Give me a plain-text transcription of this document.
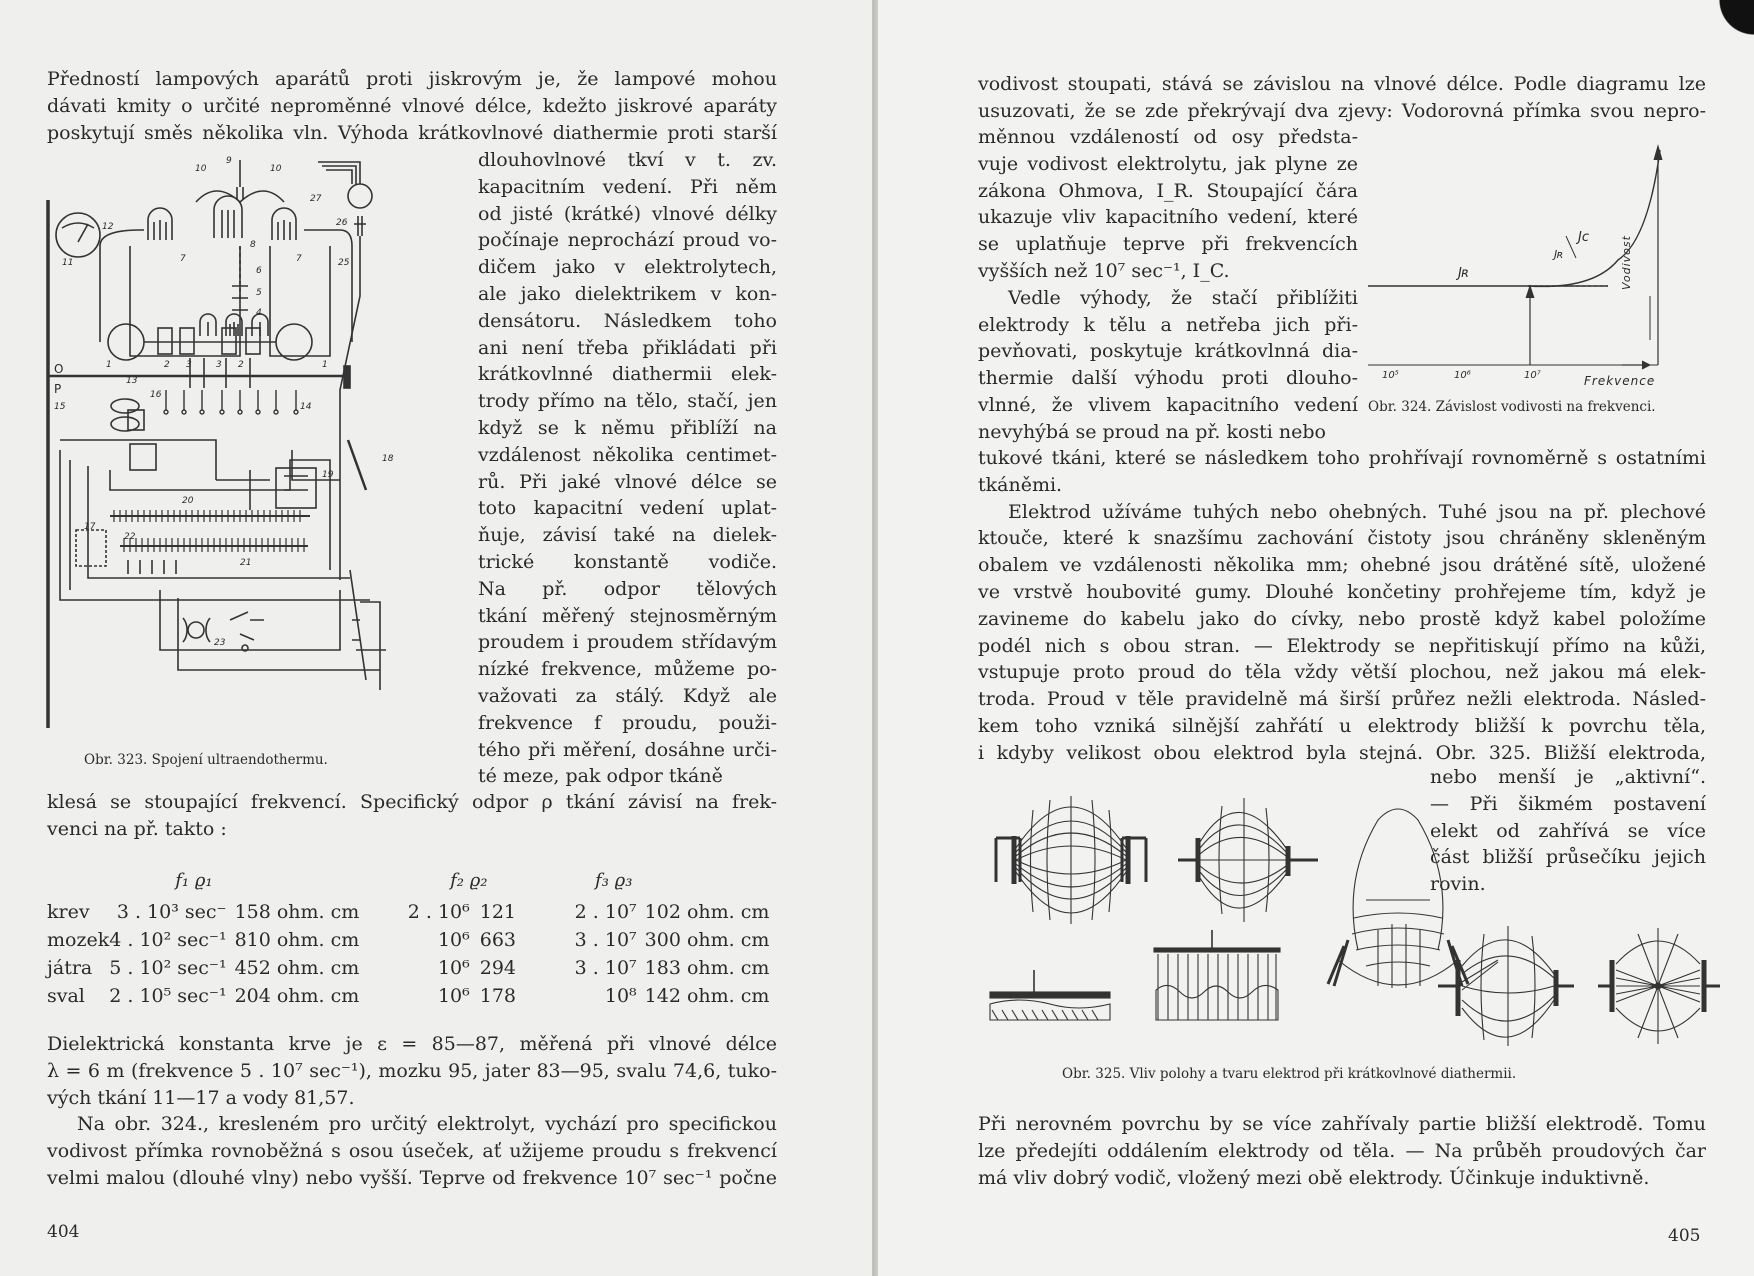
Předností lampových aparátů proti jiskrovým je, že lampové mohou
dávati kmity o určité neproměnné vlnové délce, kdežto jiskrové aparáty
poskytují směs několika vln. Výhoda krátkovlnové diathermie proti starší
dlouhovlnové tkví v t. zv.
kapacitním vedení. Při něm
od jisté (krátké) vlnové délky
počínaje neprochází proud vo-
dičem jako v elektrolytech,
ale jako dielektrikem v kon-
densátoru. Následkem toho
ani není třeba přikládati při
krátkovlnné diathermii elek-
trody přímo na tělo, stačí, jen
když se k němu přiblíží na
vzdálenost několika centimet-
rů. Při jaké vlnové délce se
toto kapacitní vedení uplat-
ňuje, závisí také na dielek-
trické konstantě vodiče.
Na př. odpor tělových
tkání měřený stejnosměrným
proudem i proudem střídavým
nízké frekvence, můžeme po-
važovati za stálý. Když ale
frekvence f proudu, použi-
tého při měření, dosáhne urči-
té meze, pak odpor tkáně
10
9
10
27
12	26
11
8
7	7	25
6
5
4
1	2 3	3 2	1
O
13
P	16
15	14
18
19
20
17
22
21
23
Obr. 323. Spojení ultraendothermu.
klesá se stoupající frekvencí. Specifický odpor ρ tkání závisí na frek-
venci na př. takto :
	f₁ ϱ₁		f₂ ϱ₂		f₃ ϱ₃	
krev	3 . 10³ sec⁻	158 ohm. cm	2 . 10⁶	121	2 . 10⁷	102 ohm. cm
mozek	4 . 10² sec⁻¹	810 ohm. cm	10⁶	663	3 . 10⁷	300 ohm. cm
játra	5 . 10² sec⁻¹	452 ohm. cm	10⁶	294	3 . 10⁷	183 ohm. cm
sval	2 . 10⁵ sec⁻¹	204 ohm. cm	10⁶	178	10⁸	142 ohm. cm
Dielektrická konstanta krve je ε = 85—87, měřená při vlnové délce
λ = 6 m (frekvence 5 . 10⁷ sec⁻¹), mozku 95, jater 83—95, svalu 74,6, tuko-
vých tkání 11—17 a vody 81,57.
Na obr. 324., kresleném pro určitý elektrolyt, vychází pro specifickou
vodivost přímka rovnoběžná s osou úseček, ať užijeme proudu s frekvencí
velmi malou (dlouhé vlny) nebo vyšší. Teprve od frekvence 10⁷ sec⁻¹ počne
404
vodivost stoupati, stává se závislou na vlnové délce. Podle diagramu lze
usuzovati, že se zde překrývají dva zjevy: Vodorovná přímka svou nepro-
měnnou vzdáleností od osy předsta-
vuje vodivost elektrolytu, jak plyne ze
zákona Ohmova, I_R. Stoupající čára
ukazuje vliv kapacitního vedení, které
se uplatňuje teprve při frekvencích
vyšších než 10⁷ sec⁻¹, I_C.
Vedle výhody, že stačí přiblížiti
elektrody k tělu a netřeba jich při-
pevňovati, poskytuje krátkovlnná dia-
thermie další výhodu proti dlouho-
vlnné, že vlivem kapacitního vedení
nevyhýbá se proud na př. kosti nebo
Jʀ
Jʀ
Jc	Vodivost
10⁵	10⁶	10⁷	Frekvence
Obr. 324. Závislost vodivosti na frekvenci.
tukové tkáni, které se následkem toho prohřívají rovnoměrně s ostatními
tkáněmi.
Elektrod užíváme tuhých nebo ohebných. Tuhé jsou na př. plechové
ktouče, které k snazšímu zachování čistoty jsou chráněny skleněným
obalem ve vzdálenosti několika mm; ohebné jsou drátěné sítě, uložené
ve vrstvě houbovité gumy. Dlouhé končetiny prohřejeme tím, když je
zavineme do kabelu jako do cívky, nebo prostě když kabel položíme
podél nich s obou stran. — Elektrody se nepřitiskují přímo na kůži,
vstupuje proto proud do těla vždy větší plochou, než jakou má elek-
troda. Proud v těle pravidelně má širší průřez nežli elektroda. Násled-
kem toho vzniká silnější zahřátí u elektrody bližší k povrchu těla,
i kdyby velikost obou elektrod byla stejná. Obr. 325. Bližší elektroda,
nebo menší je „aktivní“.
— Při šikmém postavení
elekt od zahřívá se více
část bližší průsečíku jejich
rovin.
Obr. 325. Vliv polohy a tvaru elektrod při krátkovlnové diathermii.
Při nerovném povrchu by se více zahřívaly partie bližší elektrodě. Tomu
lze předejíti oddálením elektrody od těla. — Na průběh proudových čar
má vliv dobrý vodič, vložený mezi obě elektrody. Účinkuje induktivně.
405
